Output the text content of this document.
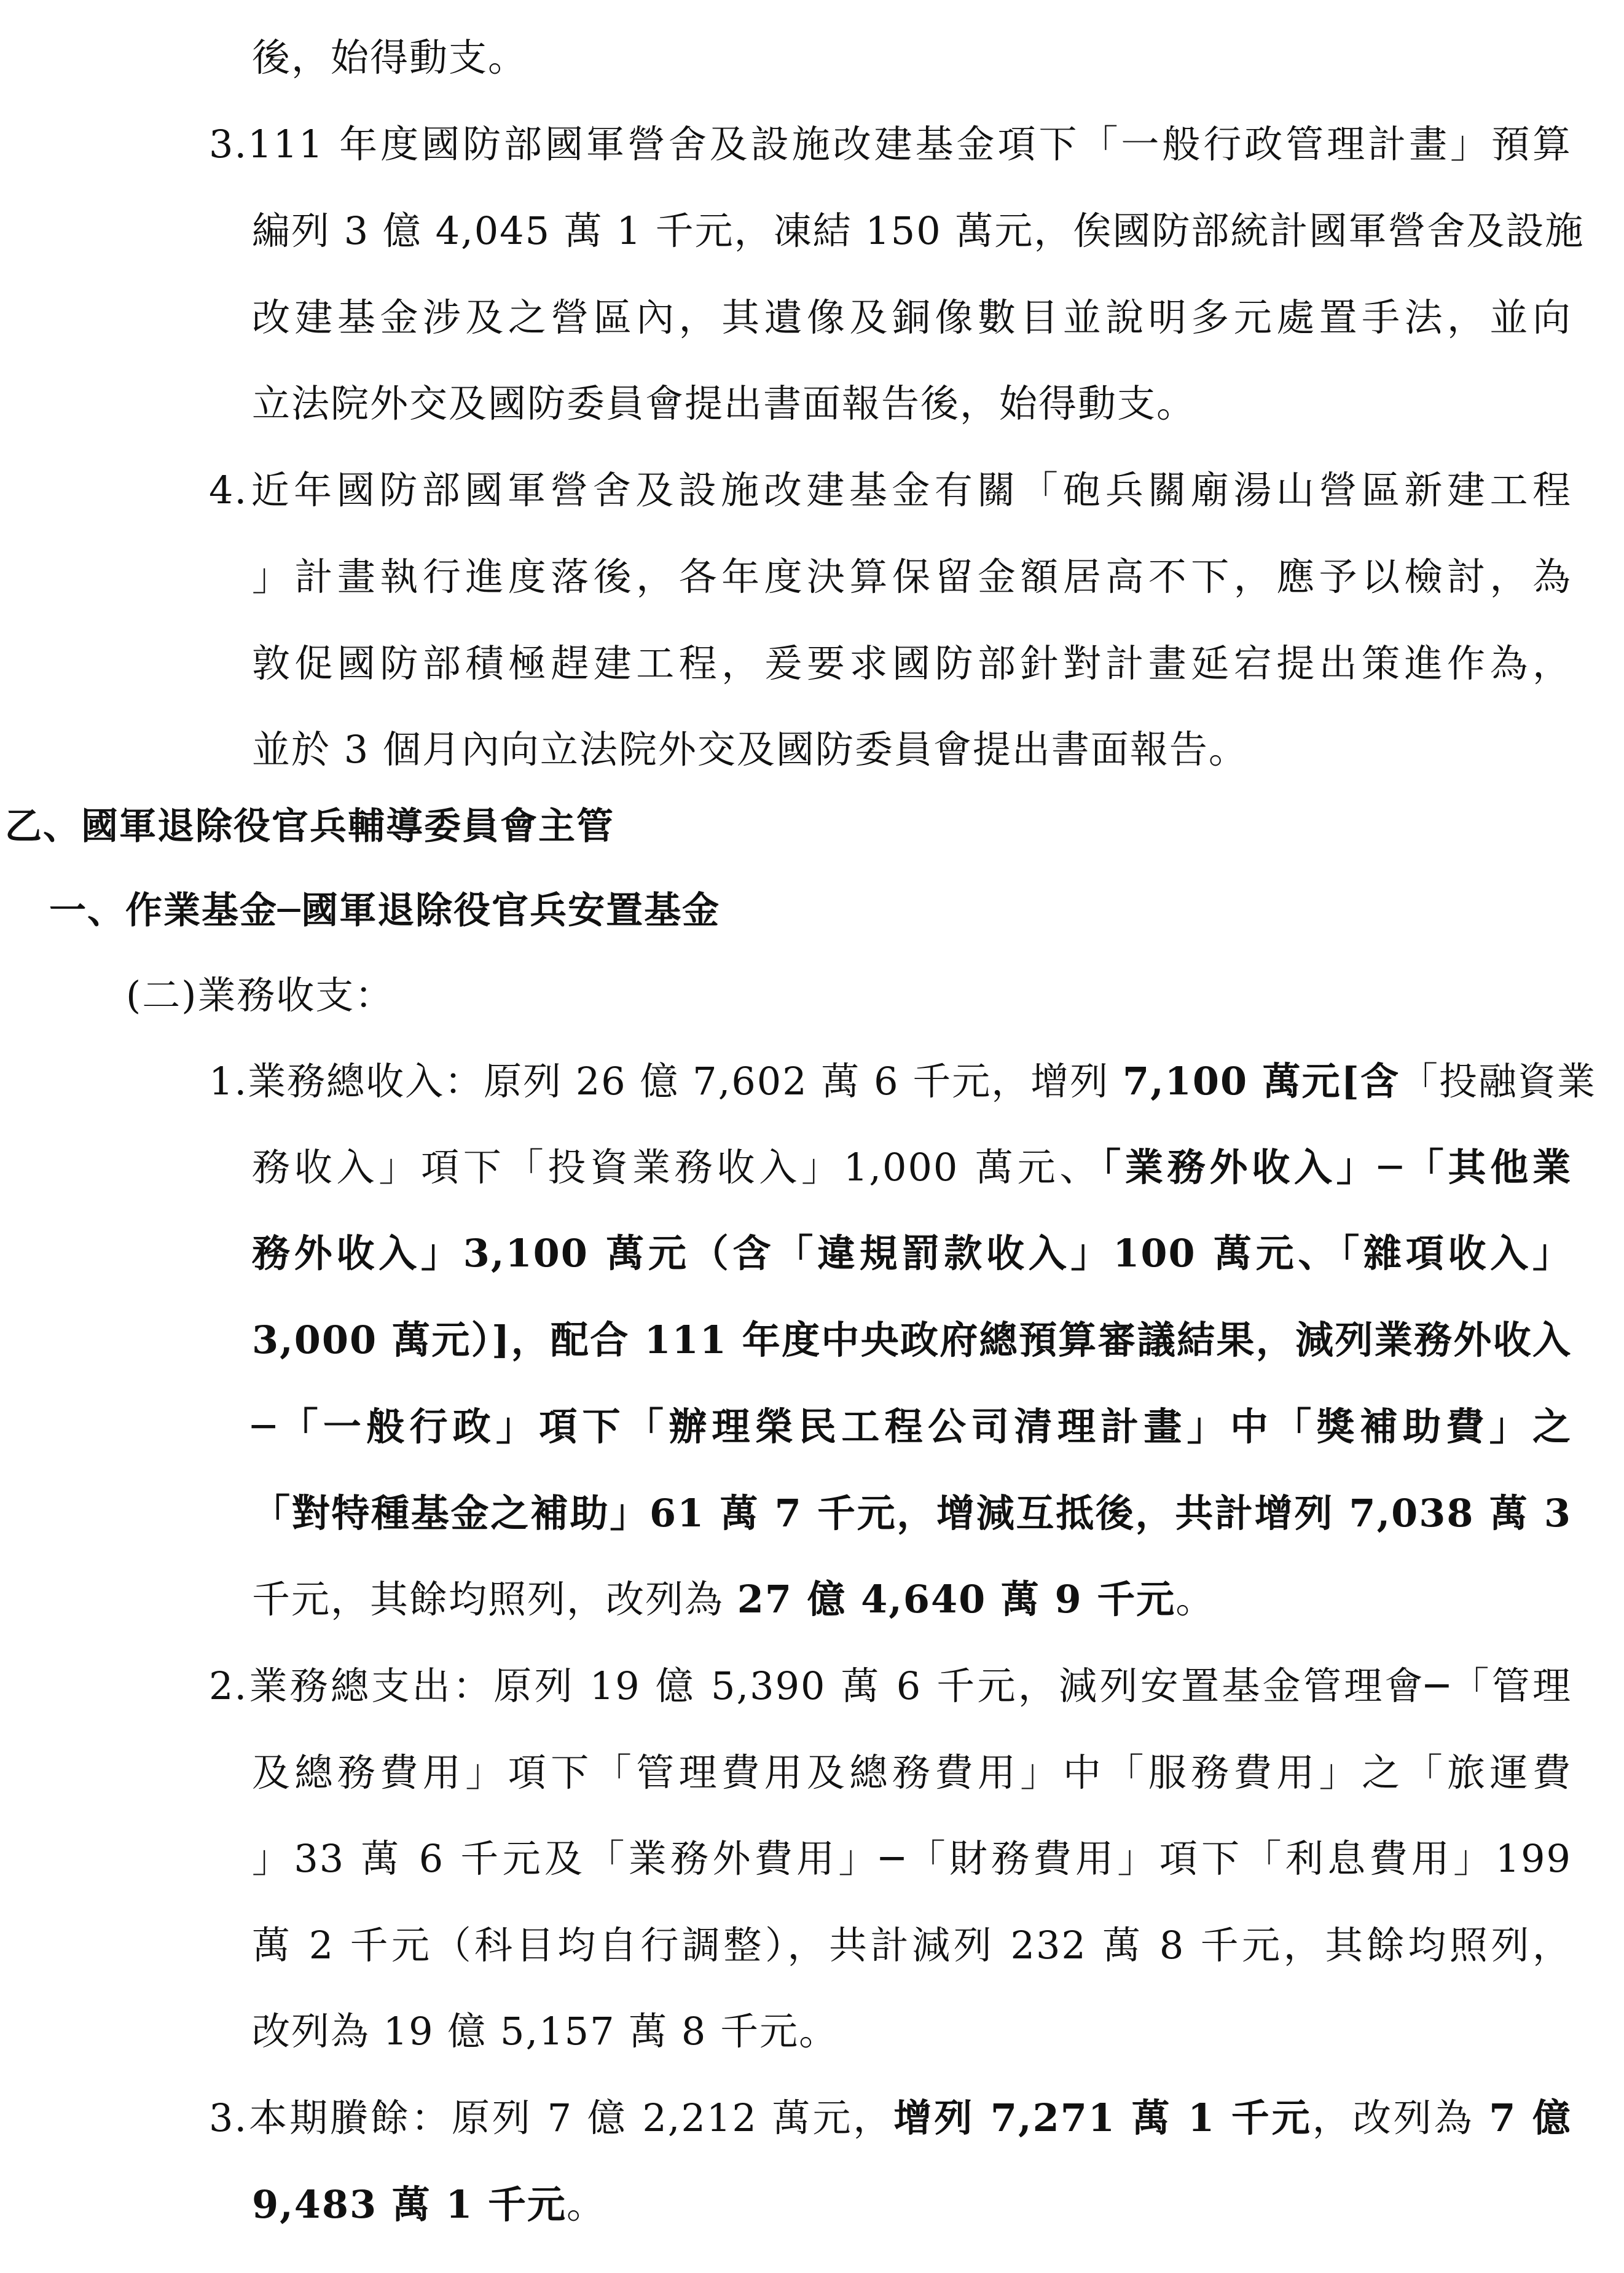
後，始得動支。
3.111 年度國防部國軍營舍及設施改建基金項下「一般行政管理計畫」預算
編列 3 億 4,045 萬 1 千元，凍結 150 萬元，俟國防部統計國軍營舍及設施
改建基金涉及之營區內，其遺像及銅像數目並說明多元處置手法，並向
立法院外交及國防委員會提出書面報告後，始得動支。
4.近年國防部國軍營舍及設施改建基金有關「砲兵關廟湯山營區新建工程
」計畫執行進度落後，各年度決算保留金額居高不下，應予以檢討，為
敦促國防部積極趕建工程，爰要求國防部針對計畫延宕提出策進作為，
並於 3 個月內向立法院外交及國防委員會提出書面報告。
乙、國軍退除役官兵輔導委員會主管
一、作業基金─國軍退除役官兵安置基金
(二)業務收支：
1.業務總收入：原列 26 億 7,602 萬 6 千元，增列 7,100 萬元[含「投融資業
務收入」項下「投資業務收入」1,000 萬元、「業務外收入」─「其他業
務外收入」3,100 萬元（含「違規罰款收入」100 萬元、「雜項收入」
3,000 萬元）]，配合 111 年度中央政府總預算審議結果，減列業務外收入
─「一般行政」項下「辦理榮民工程公司清理計畫」中「獎補助費」之
「對特種基金之補助」61 萬 7 千元，增減互抵後，共計增列 7,038 萬 3
千元，其餘均照列，改列為 27 億 4,640 萬 9 千元。
2.業務總支出：原列 19 億 5,390 萬 6 千元，減列安置基金管理會─「管理
及總務費用」項下「管理費用及總務費用」中「服務費用」之「旅運費
」33 萬 6 千元及「業務外費用」─「財務費用」項下「利息費用」199
萬 2 千元（科目均自行調整），共計減列 232 萬 8 千元，其餘均照列，
改列為 19 億 5,157 萬 8 千元。
3.本期賸餘：原列 7 億 2,212 萬元，增列 7,271 萬 1 千元，改列為 7 億
9,483 萬 1 千元。
